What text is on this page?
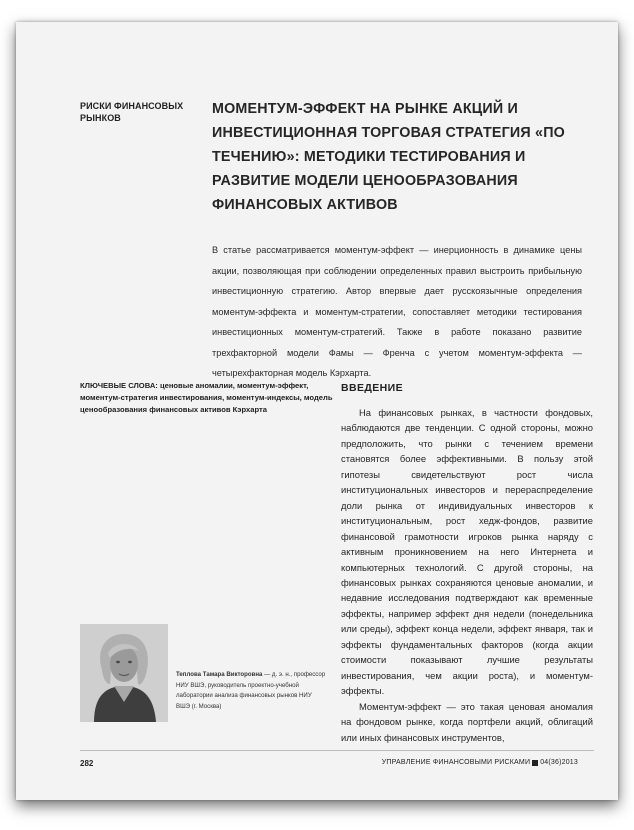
РИСКИ ФИНАНСОВЫХ РЫНКОВ
МОМЕНТУМ-ЭФФЕКТ НА РЫНКЕ АКЦИЙ И ИНВЕСТИЦИОННАЯ ТОРГОВАЯ СТРАТЕГИЯ «ПО ТЕЧЕНИЮ»: МЕТОДИКИ ТЕСТИРОВАНИЯ И РАЗВИТИЕ МОДЕЛИ ЦЕНООБРАЗОВАНИЯ ФИНАНСОВЫХ АКТИВОВ
В статье рассматривается моментум-эффект — инерционность в динамике цены акции, позволяющая при соблюдении определенных правил выстроить прибыльную инвестиционную стратегию. Автор впервые дает русскоязычные определения моментум-эффекта и моментум-стратегии, сопоставляет методики тестирования инвестиционных моментум-стратегий. Также в работе показано развитие трехфакторной модели Фамы — Френча с учетом моментум-эффекта — четырехфакторная модель Кэрхарта.
КЛЮЧЕВЫЕ СЛОВА: ценовые аномалии, моментум-эффект, моментум-стратегия инвестирования, моментум-индексы, модель ценообразования финансовых активов Кэрхарта
ВВЕДЕНИЕ

На финансовых рынках, в частности фондовых, наблюдаются две тенденции. С одной стороны, можно предположить, что рынки с течением времени становятся более эффективными. В пользу этой гипотезы свидетельствуют рост числа институциональных инвесторов и перераспределение доли рынка от индивидуальных инвесторов к институциональным, рост хедж-фондов, развитие финансовой грамотности игроков рынка наряду с активным проникновением на него Интернета и компьютерных технологий. С другой стороны, на финансовых рынках сохраняются ценовые аномалии, и недавние исследования подтверждают как временные эффекты, например эффект дня недели (понедельника или среды), эффект конца недели, эффект января, так и эффекты фундаментальных факторов (когда акции стоимости показывают лучшие результаты инвестирования, чем акции роста), и моментум-эффекты.

Моментум-эффект — это такая ценовая аномалия на фондовом рынке, когда портфели акций, облигаций или иных финансовых инструментов,

Теплова Тамара Викторовна — д. э. н., профессор НИУ ВШЭ, руководитель проектно-учебной лаборатории анализа финансовых рынков НИУ ВШЭ (г. Москва)
282	УПРАВЛЕНИЕ ФИНАНСОВЫМИ РИСКАМИ 04(36)2013
